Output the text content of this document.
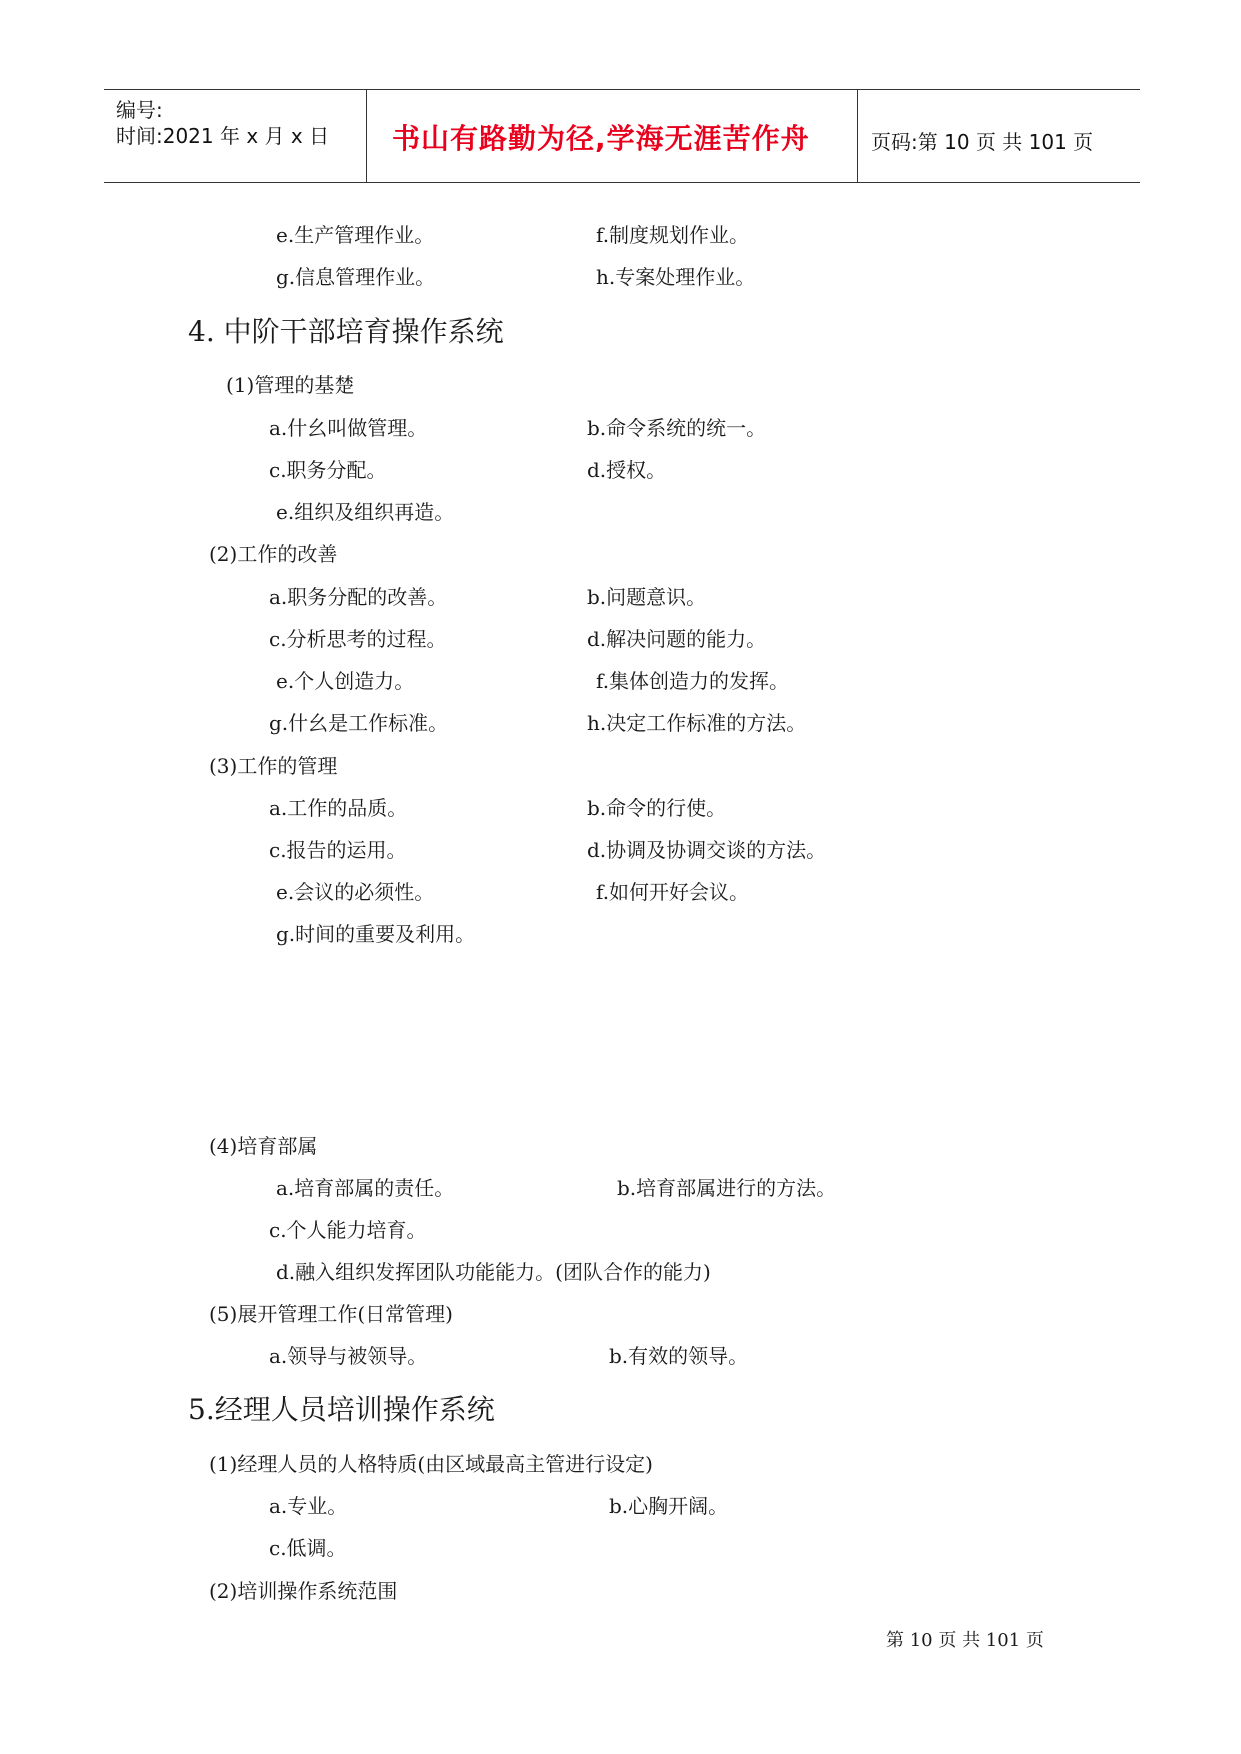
编号:
时间:2021 年 x 月 x 日 书山有路勤为径,学海无涯苦作舟	页码:第 10 页 共 101 页
e.生产管理作业。	f.制度规划作业。
g.信息管理作业。	h.专案处理作业。
4. 中阶干部培育操作系统
(1)管理的基楚
a.什幺叫做管理。	b.命令系统的统一。
c.职务分配。	d.授权。
e.组织及组织再造。
(2)工作的改善
a.职务分配的改善。	b.问题意识。
c.分析思考的过程。	d.解决问题的能力。
e.个人创造力。	f.集体创造力的发挥。
g.什幺是工作标准。	h.决定工作标准的方法。
(3)工作的管理
a.工作的品质。	b.命令的行使。
c.报告的运用。	d.协调及协调交谈的方法。
e.会议的必须性。	f.如何开好会议。
g.时间的重要及利用。
(4)培育部属
a.培育部属的责任。	b.培育部属进行的方法。
c.个人能力培育。
d.融入组织发挥团队功能能力。(团队合作的能力)
(5)展开管理工作(日常管理)
a.领导与被领导。	b.有效的领导。
5.经理人员培训操作系统
(1)经理人员的人格特质(由区域最高主管进行设定)
a.专业。	b.心胸开阔。
c.低调。
(2)培训操作系统范围
第 10 页 共 101 页
